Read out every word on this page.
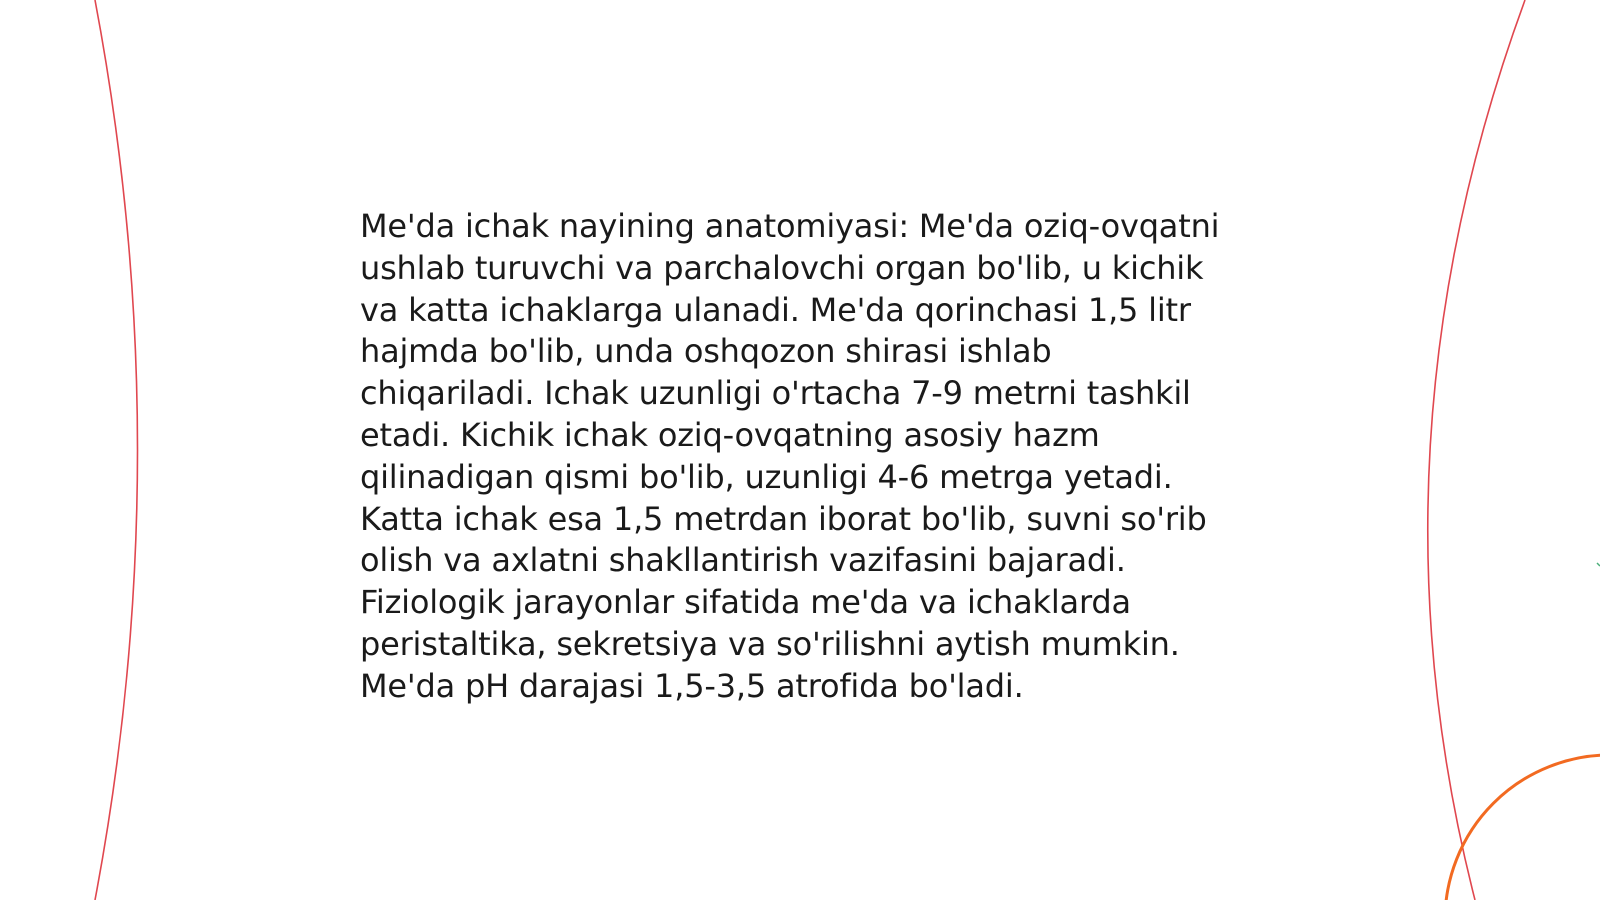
Me'da ichak nayining anatomiyasi: Me'da oziq-ovqatni
ushlab turuvchi va parchalovchi organ bo'lib, u kichik
va katta ichaklarga ulanadi. Me'da qorinchasi 1,5 litr
hajmda bo'lib, unda oshqozon shirasi ishlab
chiqariladi. Ichak uzunligi o'rtacha 7-9 metrni tashkil
etadi. Kichik ichak oziq-ovqatning asosiy hazm
qilinadigan qismi bo'lib, uzunligi 4-6 metrga yetadi.
Katta ichak esa 1,5 metrdan iborat bo'lib, suvni so'rib
olish va axlatni shakllantirish vazifasini bajaradi.
Fiziologik jarayonlar sifatida me'da va ichaklarda
peristaltika, sekretsiya va so'rilishni aytish mumkin.
Me'da pH darajasi 1,5-3,5 atrofida bo'ladi.
